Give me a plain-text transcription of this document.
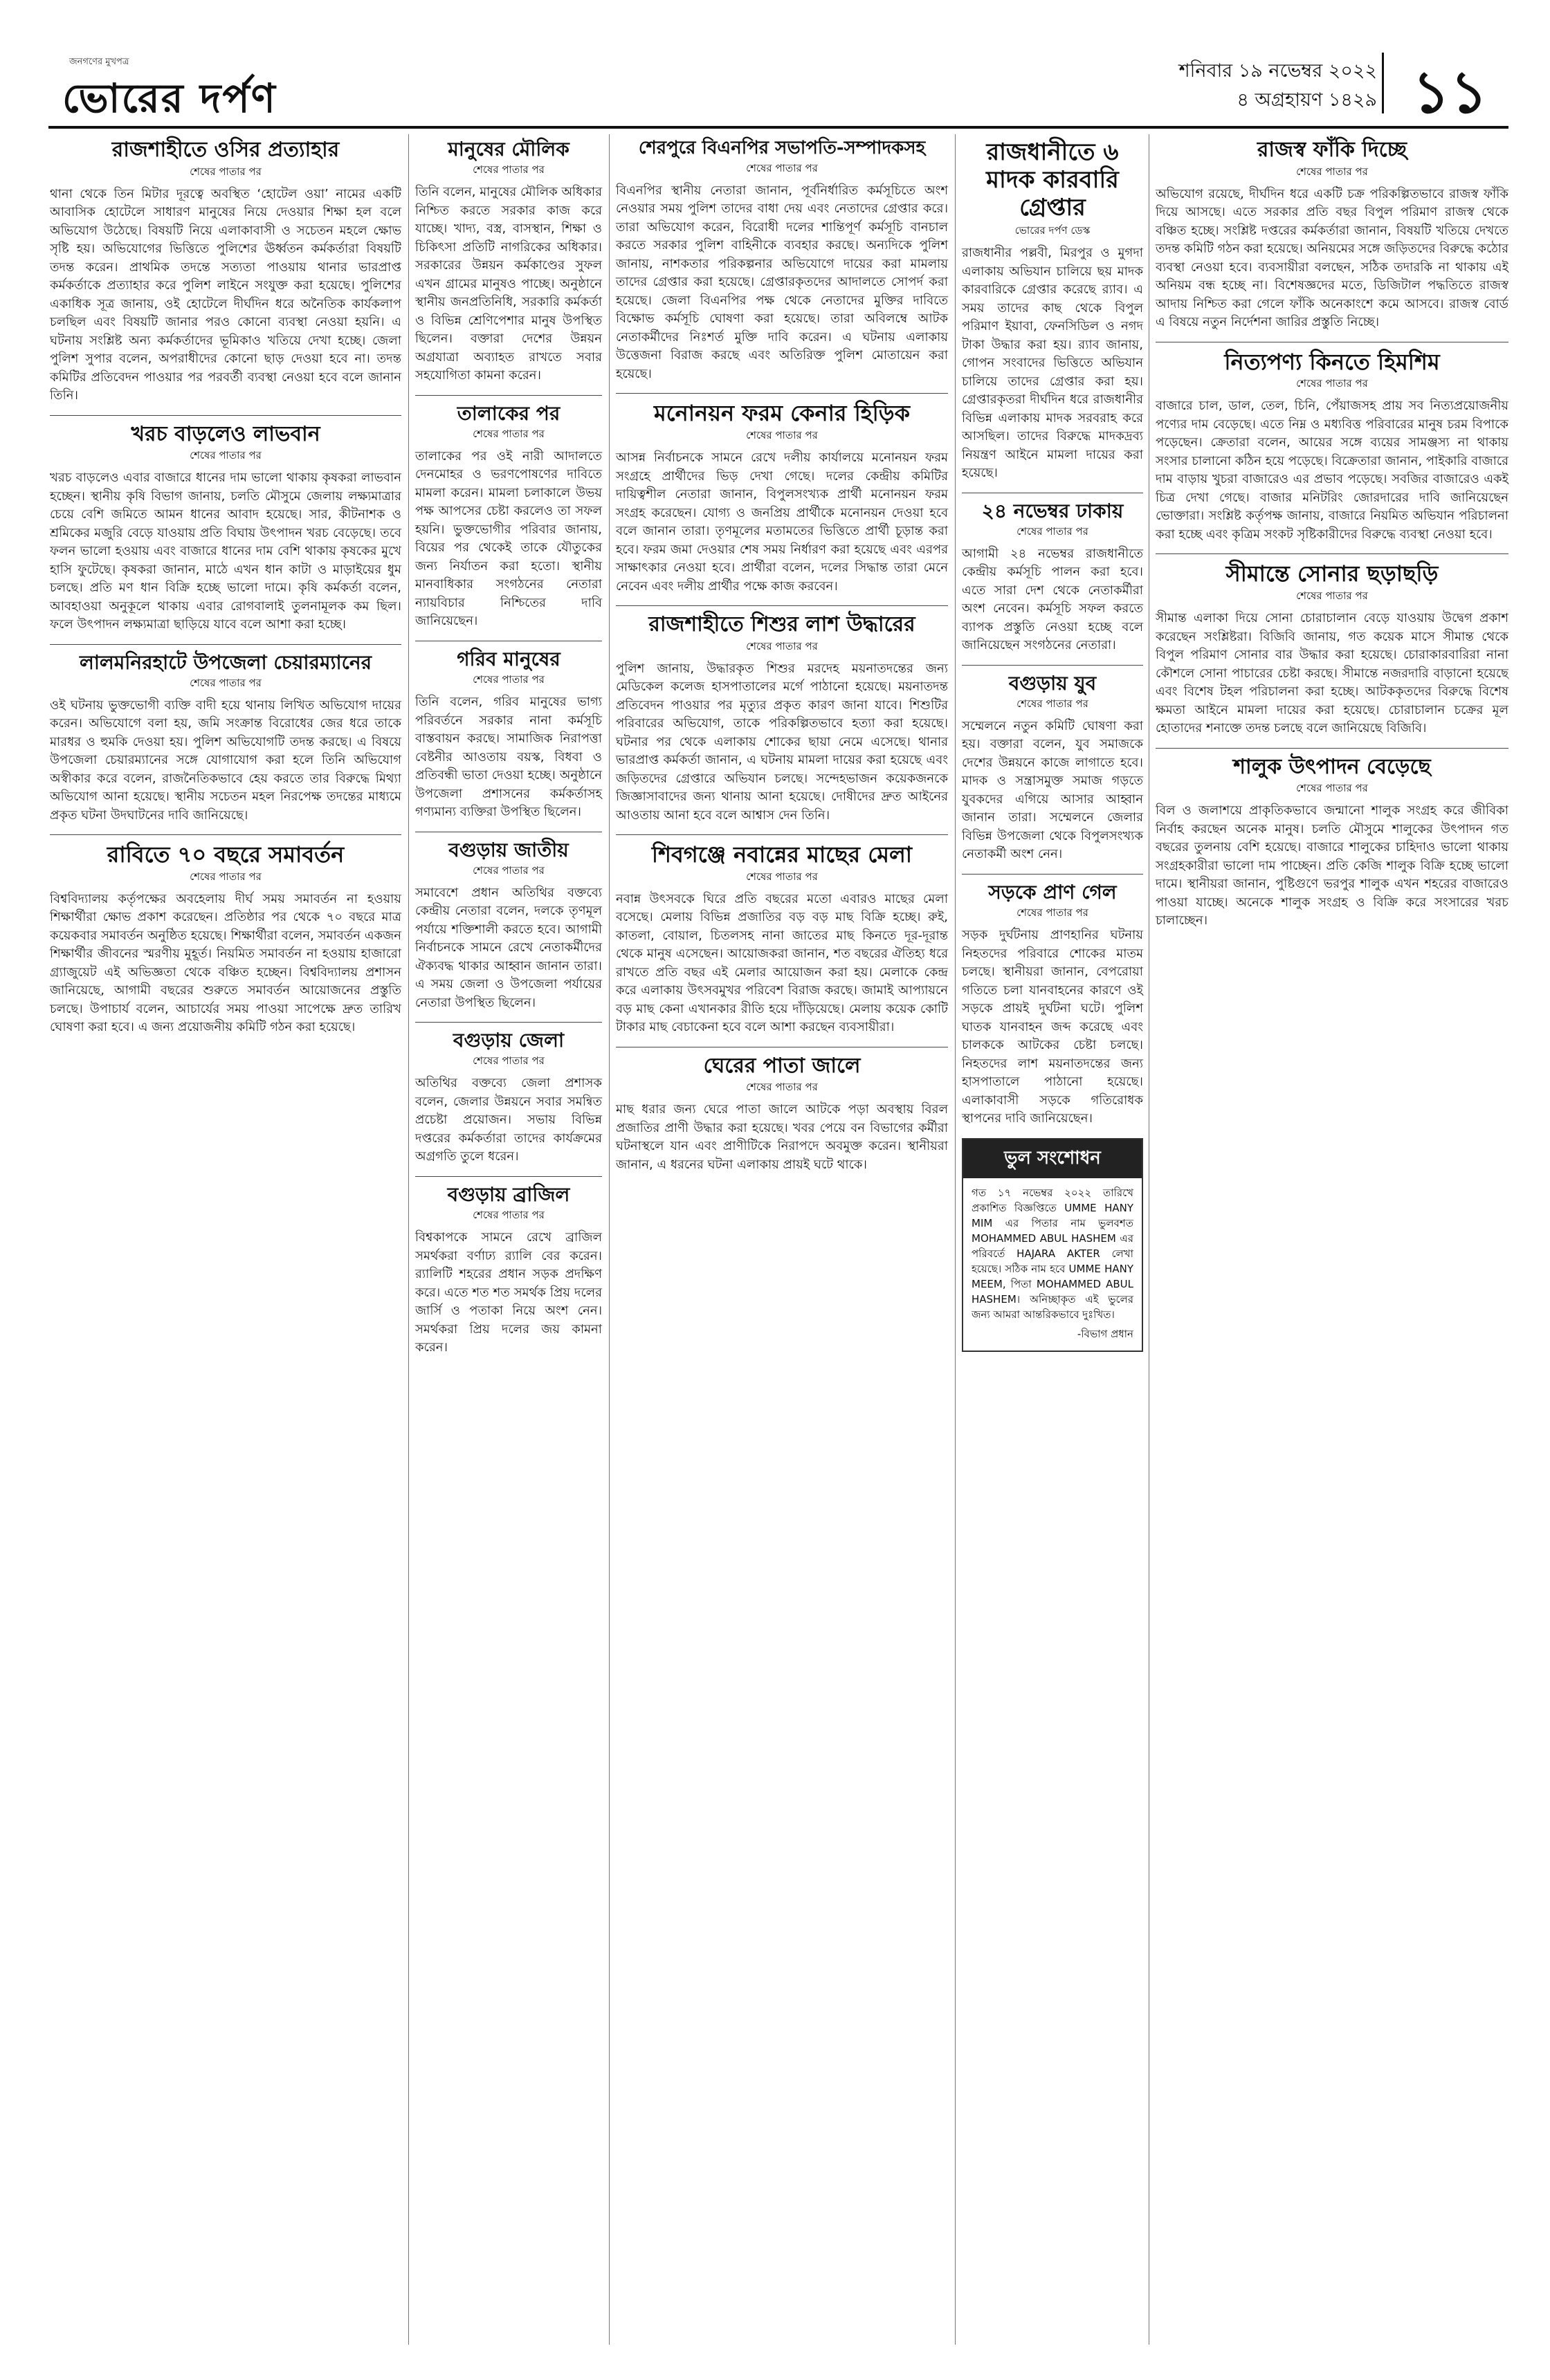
জনগণের মুখপত্র
ভোরের দর্পণ
শনিবার ১৯ নভেম্বর ২০২২
৪ অগ্রহায়ণ ১৪২৯ ১১
রাজশাহীতে ওসির প্রত্যাহার
শেষের পাতার পর
থানা থেকে তিন মিটার দূরত্বে অবস্থিত ‘হোটেল ওয়া’ নামের একটি আবাসিক হোটেলে সাধারণ মানুষের নিয়ে দেওয়ার শিক্ষা হল বলে অভিযোগ উঠেছে। বিষয়টি নিয়ে এলাকাবাসী ও সচেতন মহলে ক্ষোভ সৃষ্টি হয়। অভিযোগের ভিত্তিতে পুলিশের ঊর্ধ্বতন কর্মকর্তারা বিষয়টি তদন্ত করেন। প্রাথমিক তদন্তে সত্যতা পাওয়ায় থানার ভারপ্রাপ্ত কর্মকর্তাকে প্রত্যাহার করে পুলিশ লাইনে সংযুক্ত করা হয়েছে। পুলিশের একাধিক সূত্র জানায়, ওই হোটেলে দীর্ঘদিন ধরে অনৈতিক কার্যকলাপ চলছিল এবং বিষয়টি জানার পরও কোনো ব্যবস্থা নেওয়া হয়নি। এ ঘটনায় সংশ্লিষ্ট অন্য কর্মকর্তাদের ভূমিকাও খতিয়ে দেখা হচ্ছে। জেলা পুলিশ সুপার বলেন, অপরাধীদের কোনো ছাড় দেওয়া হবে না। তদন্ত কমিটির প্রতিবেদন পাওয়ার পর পরবর্তী ব্যবস্থা নেওয়া হবে বলে জানান তিনি।
খরচ বাড়লেও লাভবান
শেষের পাতার পর
খরচ বাড়লেও এবার বাজারে ধানের দাম ভালো থাকায় কৃষকরা লাভবান হচ্ছেন। স্থানীয় কৃষি বিভাগ জানায়, চলতি মৌসুমে জেলায় লক্ষ্যমাত্রার চেয়ে বেশি জমিতে আমন ধানের আবাদ হয়েছে। সার, কীটনাশক ও শ্রমিকের মজুরি বেড়ে যাওয়ায় প্রতি বিঘায় উৎপাদন খরচ বেড়েছে। তবে ফলন ভালো হওয়ায় এবং বাজারে ধানের দাম বেশি থাকায় কৃষকের মুখে হাসি ফুটেছে। কৃষকরা জানান, মাঠে এখন ধান কাটা ও মাড়াইয়ের ধুম চলছে। প্রতি মণ ধান বিক্রি হচ্ছে ভালো দামে। কৃষি কর্মকর্তা বলেন, আবহাওয়া অনুকূলে থাকায় এবার রোগবালাই তুলনামূলক কম ছিল। ফলে উৎপাদন লক্ষ্যমাত্রা ছাড়িয়ে যাবে বলে আশা করা হচ্ছে।
লালমনিরহাটে উপজেলা চেয়ারম্যানের
শেষের পাতার পর
ওই ঘটনায় ভুক্তভোগী ব্যক্তি বাদী হয়ে থানায় লিখিত অভিযোগ দায়ের করেন। অভিযোগে বলা হয়, জমি সংক্রান্ত বিরোধের জের ধরে তাকে মারধর ও হুমকি দেওয়া হয়। পুলিশ অভিযোগটি তদন্ত করছে। এ বিষয়ে উপজেলা চেয়ারম্যানের সঙ্গে যোগাযোগ করা হলে তিনি অভিযোগ অস্বীকার করে বলেন, রাজনৈতিকভাবে হেয় করতে তার বিরুদ্ধে মিথ্যা অভিযোগ আনা হয়েছে। স্থানীয় সচেতন মহল নিরপেক্ষ তদন্তের মাধ্যমে প্রকৃত ঘটনা উদঘাটনের দাবি জানিয়েছে।
রাবিতে ৭০ বছরে সমাবর্তন
শেষের পাতার পর
বিশ্ববিদ্যালয় কর্তৃপক্ষের অবহেলায় দীর্ঘ সময় সমাবর্তন না হওয়ায় শিক্ষার্থীরা ক্ষোভ প্রকাশ করেছেন। প্রতিষ্ঠার পর থেকে ৭০ বছরে মাত্র কয়েকবার সমাবর্তন অনুষ্ঠিত হয়েছে। শিক্ষার্থীরা বলেন, সমাবর্তন একজন শিক্ষার্থীর জীবনের স্মরণীয় মুহূর্ত। নিয়মিত সমাবর্তন না হওয়ায় হাজারো গ্র্যাজুয়েট এই অভিজ্ঞতা থেকে বঞ্চিত হচ্ছেন। বিশ্ববিদ্যালয় প্রশাসন জানিয়েছে, আগামী বছরের শুরুতে সমাবর্তন আয়োজনের প্রস্তুতি চলছে। উপাচার্য বলেন, আচার্যের সময় পাওয়া সাপেক্ষে দ্রুত তারিখ ঘোষণা করা হবে। এ জন্য প্রয়োজনীয় কমিটি গঠন করা হয়েছে।
মানুষের মৌলিক
শেষের পাতার পর
তিনি বলেন, মানুষের মৌলিক অধিকার নিশ্চিত করতে সরকার কাজ করে যাচ্ছে। খাদ্য, বস্ত্র, বাসস্থান, শিক্ষা ও চিকিৎসা প্রতিটি নাগরিকের অধিকার। সরকারের উন্নয়ন কর্মকাণ্ডের সুফল এখন গ্রামের মানুষও পাচ্ছে। অনুষ্ঠানে স্থানীয় জনপ্রতিনিধি, সরকারি কর্মকর্তা ও বিভিন্ন শ্রেণিপেশার মানুষ উপস্থিত ছিলেন। বক্তারা দেশের উন্নয়ন অগ্রযাত্রা অব্যাহত রাখতে সবার সহযোগিতা কামনা করেন।
তালাকের পর
শেষের পাতার পর
তালাকের পর ওই নারী আদালতে দেনমোহর ও ভরণপোষণের দাবিতে মামলা করেন। মামলা চলাকালে উভয় পক্ষ আপসের চেষ্টা করলেও তা সফল হয়নি। ভুক্তভোগীর পরিবার জানায়, বিয়ের পর থেকেই তাকে যৌতুকের জন্য নির্যাতন করা হতো। স্থানীয় মানবাধিকার সংগঠনের নেতারা ন্যায়বিচার নিশ্চিতের দাবি জানিয়েছেন।
গরিব মানুষের
শেষের পাতার পর
তিনি বলেন, গরিব মানুষের ভাগ্য পরিবর্তনে সরকার নানা কর্মসূচি বাস্তবায়ন করছে। সামাজিক নিরাপত্তা বেষ্টনীর আওতায় বয়স্ক, বিধবা ও প্রতিবন্ধী ভাতা দেওয়া হচ্ছে। অনুষ্ঠানে উপজেলা প্রশাসনের কর্মকর্তাসহ গণ্যমান্য ব্যক্তিরা উপস্থিত ছিলেন।
বগুড়ায় জাতীয়
শেষের পাতার পর
সমাবেশে প্রধান অতিথির বক্তব্যে কেন্দ্রীয় নেতারা বলেন, দলকে তৃণমূল পর্যায়ে শক্তিশালী করতে হবে। আগামী নির্বাচনকে সামনে রেখে নেতাকর্মীদের ঐক্যবদ্ধ থাকার আহ্বান জানান তারা। এ সময় জেলা ও উপজেলা পর্যায়ের নেতারা উপস্থিত ছিলেন।
বগুড়ায় জেলা
শেষের পাতার পর
অতিথির বক্তব্যে জেলা প্রশাসক বলেন, জেলার উন্নয়নে সবার সমন্বিত প্রচেষ্টা প্রয়োজন। সভায় বিভিন্ন দপ্তরের কর্মকর্তারা তাদের কার্যক্রমের অগ্রগতি তুলে ধরেন।
বগুড়ায় ব্রাজিল
শেষের পাতার পর
বিশ্বকাপকে সামনে রেখে ব্রাজিল সমর্থকরা বর্ণাঢ্য র‍্যালি বের করেন। র‍্যালিটি শহরের প্রধান সড়ক প্রদক্ষিণ করে। এতে শত শত সমর্থক প্রিয় দলের জার্সি ও পতাকা নিয়ে অংশ নেন। সমর্থকরা প্রিয় দলের জয় কামনা করেন।
শেরপুরে বিএনপির সভাপতি-সম্পাদকসহ
শেষের পাতার পর
বিএনপির স্থানীয় নেতারা জানান, পূর্বনির্ধারিত কর্মসূচিতে অংশ নেওয়ার সময় পুলিশ তাদের বাধা দেয় এবং নেতাদের গ্রেপ্তার করে। তারা অভিযোগ করেন, বিরোধী দলের শান্তিপূর্ণ কর্মসূচি বানচাল করতে সরকার পুলিশ বাহিনীকে ব্যবহার করছে। অন্যদিকে পুলিশ জানায়, নাশকতার পরিকল্পনার অভিযোগে দায়ের করা মামলায় তাদের গ্রেপ্তার করা হয়েছে। গ্রেপ্তারকৃতদের আদালতে সোপর্দ করা হয়েছে। জেলা বিএনপির পক্ষ থেকে নেতাদের মুক্তির দাবিতে বিক্ষোভ কর্মসূচি ঘোষণা করা হয়েছে। তারা অবিলম্বে আটক নেতাকর্মীদের নিঃশর্ত মুক্তি দাবি করেন। এ ঘটনায় এলাকায় উত্তেজনা বিরাজ করছে এবং অতিরিক্ত পুলিশ মোতায়েন করা হয়েছে।
মনোনয়ন ফরম কেনার হিড়িক
শেষের পাতার পর
আসন্ন নির্বাচনকে সামনে রেখে দলীয় কার্যালয়ে মনোনয়ন ফরম সংগ্রহে প্রার্থীদের ভিড় দেখা গেছে। দলের কেন্দ্রীয় কমিটির দায়িত্বশীল নেতারা জানান, বিপুলসংখ্যক প্রার্থী মনোনয়ন ফরম সংগ্রহ করেছেন। যোগ্য ও জনপ্রিয় প্রার্থীকে মনোনয়ন দেওয়া হবে বলে জানান তারা। তৃণমূলের মতামতের ভিত্তিতে প্রার্থী চূড়ান্ত করা হবে। ফরম জমা দেওয়ার শেষ সময় নির্ধারণ করা হয়েছে এবং এরপর সাক্ষাৎকার নেওয়া হবে। প্রার্থীরা বলেন, দলের সিদ্ধান্ত তারা মেনে নেবেন এবং দলীয় প্রার্থীর পক্ষে কাজ করবেন।
রাজশাহীতে শিশুর লাশ উদ্ধারের
শেষের পাতার পর
পুলিশ জানায়, উদ্ধারকৃত শিশুর মরদেহ ময়নাতদন্তের জন্য মেডিকেল কলেজ হাসপাতালের মর্গে পাঠানো হয়েছে। ময়নাতদন্ত প্রতিবেদন পাওয়ার পর মৃত্যুর প্রকৃত কারণ জানা যাবে। শিশুটির পরিবারের অভিযোগ, তাকে পরিকল্পিতভাবে হত্যা করা হয়েছে। ঘটনার পর থেকে এলাকায় শোকের ছায়া নেমে এসেছে। থানার ভারপ্রাপ্ত কর্মকর্তা জানান, এ ঘটনায় মামলা দায়ের করা হয়েছে এবং জড়িতদের গ্রেপ্তারে অভিযান চলছে। সন্দেহভাজন কয়েকজনকে জিজ্ঞাসাবাদের জন্য থানায় আনা হয়েছে। দোষীদের দ্রুত আইনের আওতায় আনা হবে বলে আশ্বাস দেন তিনি।
শিবগঞ্জে নবান্নের মাছের মেলা
শেষের পাতার পর
নবান্ন উৎসবকে ঘিরে প্রতি বছরের মতো এবারও মাছের মেলা বসেছে। মেলায় বিভিন্ন প্রজাতির বড় বড় মাছ বিক্রি হচ্ছে। রুই, কাতলা, বোয়াল, চিতলসহ নানা জাতের মাছ কিনতে দূর-দূরান্ত থেকে মানুষ এসেছেন। আয়োজকরা জানান, শত বছরের ঐতিহ্য ধরে রাখতে প্রতি বছর এই মেলার আয়োজন করা হয়। মেলাকে কেন্দ্র করে এলাকায় উৎসবমুখর পরিবেশ বিরাজ করছে। জামাই আপ্যায়নে বড় মাছ কেনা এখানকার রীতি হয়ে দাঁড়িয়েছে। মেলায় কয়েক কোটি টাকার মাছ বেচাকেনা হবে বলে আশা করছেন ব্যবসায়ীরা।
ঘেরের পাতা জালে
শেষের পাতার পর
মাছ ধরার জন্য ঘেরে পাতা জালে আটকে পড়া অবস্থায় বিরল প্রজাতির প্রাণী উদ্ধার করা হয়েছে। খবর পেয়ে বন বিভাগের কর্মীরা ঘটনাস্থলে যান এবং প্রাণীটিকে নিরাপদে অবমুক্ত করেন। স্থানীয়রা জানান, এ ধরনের ঘটনা এলাকায় প্রায়ই ঘটে থাকে।
রাজধানীতে ৬ মাদক কারবারি গ্রেপ্তার
ভোরের দর্পণ ডেস্ক
রাজধানীর পল্লবী, মিরপুর ও মুগদা এলাকায় অভিযান চালিয়ে ছয় মাদক কারবারিকে গ্রেপ্তার করেছে র‍্যাব। এ সময় তাদের কাছ থেকে বিপুল পরিমাণ ইয়াবা, ফেনসিডিল ও নগদ টাকা উদ্ধার করা হয়। র‍্যাব জানায়, গোপন সংবাদের ভিত্তিতে অভিযান চালিয়ে তাদের গ্রেপ্তার করা হয়। গ্রেপ্তারকৃতরা দীর্ঘদিন ধরে রাজধানীর বিভিন্ন এলাকায় মাদক সরবরাহ করে আসছিল। তাদের বিরুদ্ধে মাদকদ্রব্য নিয়ন্ত্রণ আইনে মামলা দায়ের করা হয়েছে।
২৪ নভেম্বর ঢাকায়
শেষের পাতার পর
আগামী ২৪ নভেম্বর রাজধানীতে কেন্দ্রীয় কর্মসূচি পালন করা হবে। এতে সারা দেশ থেকে নেতাকর্মীরা অংশ নেবেন। কর্মসূচি সফল করতে ব্যাপক প্রস্তুতি নেওয়া হচ্ছে বলে জানিয়েছেন সংগঠনের নেতারা।
বগুড়ায় যুব
শেষের পাতার পর
সম্মেলনে নতুন কমিটি ঘোষণা করা হয়। বক্তারা বলেন, যুব সমাজকে দেশের উন্নয়নে কাজে লাগাতে হবে। মাদক ও সন্ত্রাসমুক্ত সমাজ গড়তে যুবকদের এগিয়ে আসার আহ্বান জানান তারা। সম্মেলনে জেলার বিভিন্ন উপজেলা থেকে বিপুলসংখ্যক নেতাকর্মী অংশ নেন।
সড়কে প্রাণ গেল
শেষের পাতার পর
সড়ক দুর্ঘটনায় প্রাণহানির ঘটনায় নিহতদের পরিবারে শোকের মাতম চলছে। স্থানীয়রা জানান, বেপরোয়া গতিতে চলা যানবাহনের কারণে ওই সড়কে প্রায়ই দুর্ঘটনা ঘটে। পুলিশ ঘাতক যানবাহন জব্দ করেছে এবং চালককে আটকের চেষ্টা চলছে। নিহতদের লাশ ময়নাতদন্তের জন্য হাসপাতালে পাঠানো হয়েছে। এলাকাবাসী সড়কে গতিরোধক স্থাপনের দাবি জানিয়েছেন।
ভুল সংশোধন
গত ১৭ নভেম্বর ২০২২ তারিখে প্রকাশিত বিজ্ঞপ্তিতে UMME HANY MIM এর পিতার নাম ভুলবশত MOHAMMED ABUL HASHEM এর পরিবর্তে HAJARA AKTER লেখা হয়েছে। সঠিক নাম হবে UMME HANY MEEM, পিতা MOHAMMED ABUL HASHEM। অনিচ্ছাকৃত এই ভুলের জন্য আমরা আন্তরিকভাবে দুঃখিত।
-বিভাগ প্রধান
রাজস্ব ফাঁকি দিচ্ছে
শেষের পাতার পর
অভিযোগ রয়েছে, দীর্ঘদিন ধরে একটি চক্র পরিকল্পিতভাবে রাজস্ব ফাঁকি দিয়ে আসছে। এতে সরকার প্রতি বছর বিপুল পরিমাণ রাজস্ব থেকে বঞ্চিত হচ্ছে। সংশ্লিষ্ট দপ্তরের কর্মকর্তারা জানান, বিষয়টি খতিয়ে দেখতে তদন্ত কমিটি গঠন করা হয়েছে। অনিয়মের সঙ্গে জড়িতদের বিরুদ্ধে কঠোর ব্যবস্থা নেওয়া হবে। ব্যবসায়ীরা বলছেন, সঠিক তদারকি না থাকায় এই অনিয়ম বন্ধ হচ্ছে না। বিশেষজ্ঞদের মতে, ডিজিটাল পদ্ধতিতে রাজস্ব আদায় নিশ্চিত করা গেলে ফাঁকি অনেকাংশে কমে আসবে। রাজস্ব বোর্ড এ বিষয়ে নতুন নির্দেশনা জারির প্রস্তুতি নিচ্ছে।
নিত্যপণ্য কিনতে হিমশিম
শেষের পাতার পর
বাজারে চাল, ডাল, তেল, চিনি, পেঁয়াজসহ প্রায় সব নিত্যপ্রয়োজনীয় পণ্যের দাম বেড়েছে। এতে নিম্ন ও মধ্যবিত্ত পরিবারের মানুষ চরম বিপাকে পড়েছেন। ক্রেতারা বলেন, আয়ের সঙ্গে ব্যয়ের সামঞ্জস্য না থাকায় সংসার চালানো কঠিন হয়ে পড়েছে। বিক্রেতারা জানান, পাইকারি বাজারে দাম বাড়ায় খুচরা বাজারেও এর প্রভাব পড়েছে। সবজির বাজারেও একই চিত্র দেখা গেছে। বাজার মনিটরিং জোরদারের দাবি জানিয়েছেন ভোক্তারা। সংশ্লিষ্ট কর্তৃপক্ষ জানায়, বাজারে নিয়মিত অভিযান পরিচালনা করা হচ্ছে এবং কৃত্রিম সংকট সৃষ্টিকারীদের বিরুদ্ধে ব্যবস্থা নেওয়া হবে।
সীমান্তে সোনার ছড়াছড়ি
শেষের পাতার পর
সীমান্ত এলাকা দিয়ে সোনা চোরাচালান বেড়ে যাওয়ায় উদ্বেগ প্রকাশ করেছেন সংশ্লিষ্টরা। বিজিবি জানায়, গত কয়েক মাসে সীমান্ত থেকে বিপুল পরিমাণ সোনার বার উদ্ধার করা হয়েছে। চোরাকারবারিরা নানা কৌশলে সোনা পাচারের চেষ্টা করছে। সীমান্তে নজরদারি বাড়ানো হয়েছে এবং বিশেষ টহল পরিচালনা করা হচ্ছে। আটককৃতদের বিরুদ্ধে বিশেষ ক্ষমতা আইনে মামলা দায়ের করা হয়েছে। চোরাচালান চক্রের মূল হোতাদের শনাক্তে তদন্ত চলছে বলে জানিয়েছে বিজিবি।
শালুক উৎপাদন বেড়েছে
শেষের পাতার পর
বিল ও জলাশয়ে প্রাকৃতিকভাবে জন্মানো শালুক সংগ্রহ করে জীবিকা নির্বাহ করছেন অনেক মানুষ। চলতি মৌসুমে শালুকের উৎপাদন গত বছরের তুলনায় বেশি হয়েছে। বাজারে শালুকের চাহিদাও ভালো থাকায় সংগ্রহকারীরা ভালো দাম পাচ্ছেন। প্রতি কেজি শালুক বিক্রি হচ্ছে ভালো দামে। স্থানীয়রা জানান, পুষ্টিগুণে ভরপুর শালুক এখন শহরের বাজারেও পাওয়া যাচ্ছে। অনেকে শালুক সংগ্রহ ও বিক্রি করে সংসারের খরচ চালাচ্ছেন।
